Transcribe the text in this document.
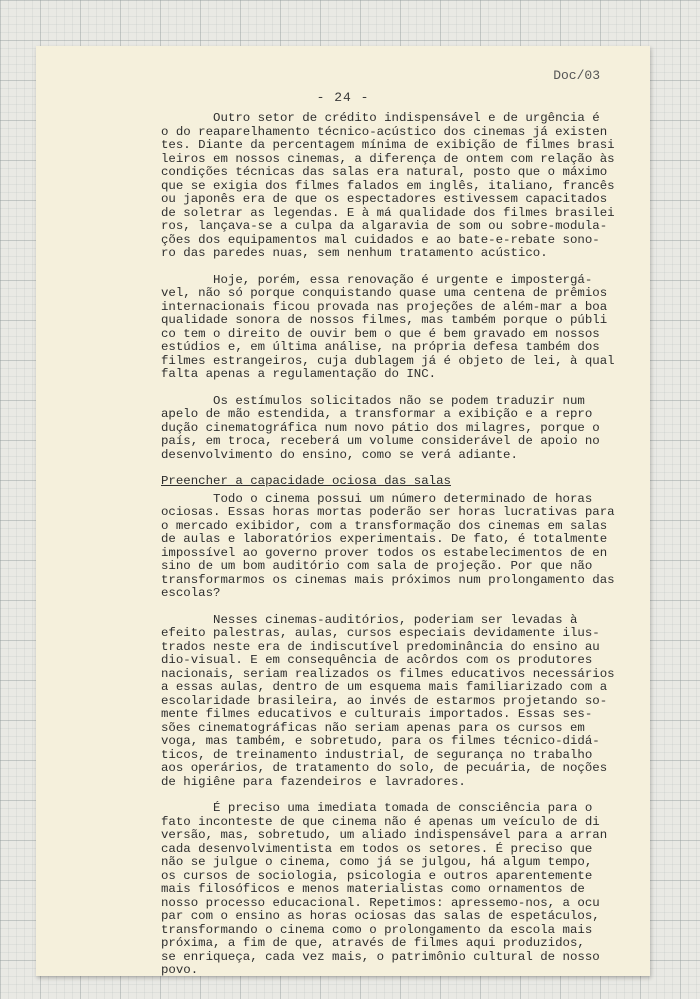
Doc/03
- 24 -
Outro setor de crédito indispensável e de urgência é
o do reaparelhamento técnico-acústico dos cinemas já existen
tes. Diante da percentagem mínima de exibição de filmes brasi
leiros em nossos cinemas, a diferença de ontem com relação às
condições técnicas das salas era natural, posto que o máximo
que se exigia dos filmes falados em inglês, italiano, francês
ou japonês era de que os espectadores estivessem capacitados
de soletrar as legendas. E à má qualidade dos filmes brasilei
ros, lançava-se a culpa da algaravia de som ou sobre-modula-
ções dos equipamentos mal cuidados e ao bate-e-rebate sono-
ro das paredes nuas, sem nenhum tratamento acústico.
Hoje, porém, essa renovação é urgente e impostergá-
vel, não só porque conquistando quase uma centena de prêmios
internacionais ficou provada nas projeções de além-mar a boa
qualidade sonora de nossos filmes, mas também porque o públi
co tem o direito de ouvir bem o que é bem gravado em nossos
estúdios e, em última análise, na própria defesa também dos
filmes estrangeiros, cuja dublagem já é objeto de lei, à qual
falta apenas a regulamentação do INC.
Os estímulos solicitados não se podem traduzir num
apelo de mão estendida, a transformar a exibição e a repro
dução cinematográfica num novo pátio dos milagres, porque o
país, em troca, receberá um volume considerável de apoio no
desenvolvimento do ensino, como se verá adiante.
Preencher a capacidade ociosa das salas
Todo o cinema possui um número determinado de horas
ociosas. Essas horas mortas poderão ser horas lucrativas para
o mercado exibidor, com a transformação dos cinemas em salas
de aulas e laboratórios experimentais. De fato, é totalmente
impossível ao governo prover todos os estabelecimentos de en
sino de um bom auditório com sala de projeção. Por que não
transformarmos os cinemas mais próximos num prolongamento das
escolas?
Nesses cinemas-auditórios, poderiam ser levadas à
efeito palestras, aulas, cursos especiais devidamente ilus-
trados neste era de indiscutível predominância do ensino au
dio-visual. E em consequência de acôrdos com os produtores
nacionais, seriam realizados os filmes educativos necessários
a essas aulas, dentro de um esquema mais familiarizado com a
escolaridade brasileira, ao invés de estarmos projetando so-
mente filmes educativos e culturais importados. Essas ses-
sões cinematográficas não seriam apenas para os cursos em
voga, mas também, e sobretudo, para os filmes técnico-didá-
ticos, de treinamento industrial, de segurança no trabalho
aos operários, de tratamento do solo, de pecuária, de noções
de higiêne para fazendeiros e lavradores.
É preciso uma imediata tomada de consciência para o
fato inconteste de que cinema não é apenas um veículo de di
versão, mas, sobretudo, um aliado indispensável para a arran
cada desenvolvimentista em todos os setores. É preciso que
não se julgue o cinema, como já se julgou, há algum tempo,
os cursos de sociologia, psicologia e outros aparentemente
mais filosóficos e menos materialistas como ornamentos de
nosso processo educacional. Repetimos: apressemo-nos, a ocu
par com o ensino as horas ociosas das salas de espetáculos,
transformando o cinema como o prolongamento da escola mais
próxima, a fim de que, através de filmes aqui produzidos,
se enriqueça, cada vez mais, o patrimônio cultural de nosso
povo.
